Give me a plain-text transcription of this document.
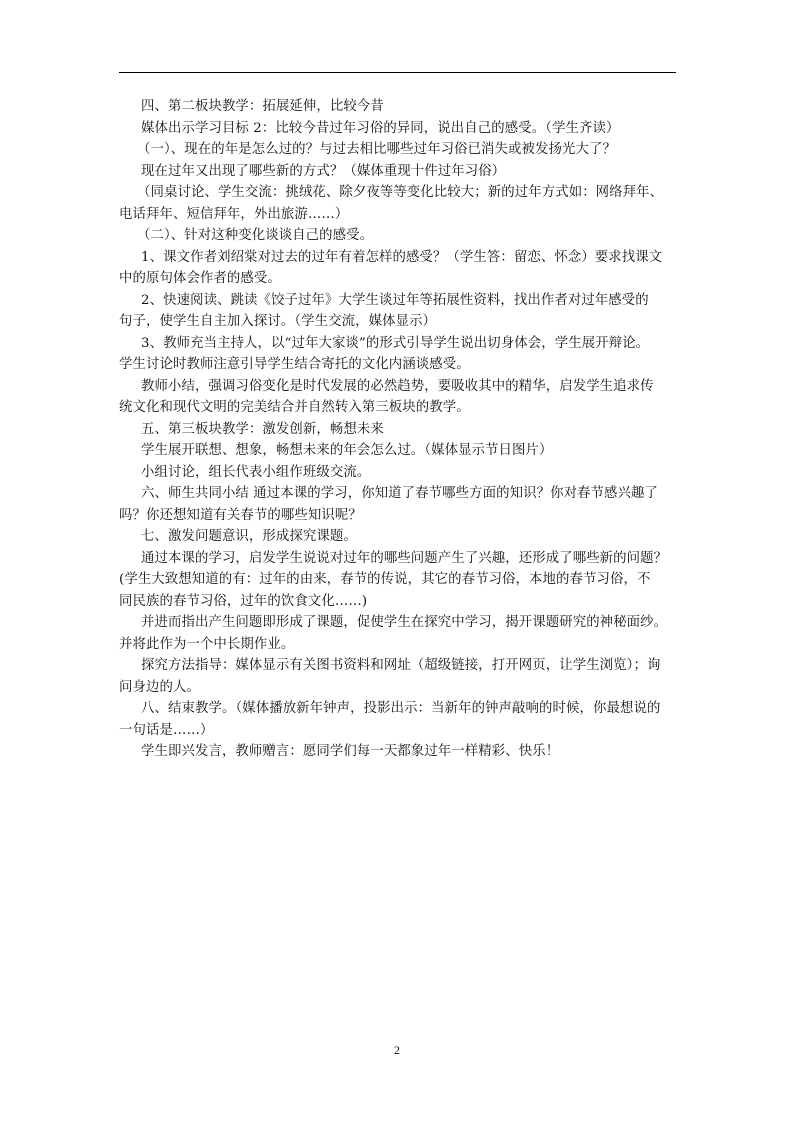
四、第二板块教学：拓展延伸，比较今昔

媒体出示学习目标 2：比较今昔过年习俗的异同，说出自己的感受。（学生齐读）

（一）、现在的年是怎么过的？与过去相比哪些过年习俗已消失或被发扬光大了？

现在过年又出现了哪些新的方式？（媒体重现十件过年习俗）

（同桌讨论、学生交流：挑绒花、除夕夜等等变化比较大；新的过年方式如：网络拜年、

电话拜年、短信拜年，外出旅游……）

（二）、针对这种变化谈谈自己的感受。

1、课文作者刘绍棠对过去的过年有着怎样的感受？（学生答：留恋、怀念）要求找课文

中的原句体会作者的感受。

2、快速阅读、跳读《饺子过年》大学生谈过年等拓展性资料，找出作者对过年感受的

句子，使学生自主加入探讨。（学生交流，媒体显示）

3、教师充当主持人，以“过年大家谈”的形式引导学生说出切身体会，学生展开辩论。

学生讨论时教师注意引导学生结合寄托的文化内涵谈感受。

教师小结，强调习俗变化是时代发展的必然趋势，要吸收其中的精华，启发学生追求传

统文化和现代文明的完美结合并自然转入第三板块的教学。

五、第三板块教学：激发创新，畅想未来

学生展开联想、想象，畅想未来的年会怎么过。（媒体显示节日图片）

小组讨论，组长代表小组作班级交流。

六、师生共同小结 通过本课的学习，你知道了春节哪些方面的知识？你对春节感兴趣了

吗？你还想知道有关春节的哪些知识呢？

七、激发问题意识，形成探究课题。

通过本课的学习，启发学生说说对过年的哪些问题产生了兴趣，还形成了哪些新的问题？

(学生大致想知道的有：过年的由来，春节的传说，其它的春节习俗，本地的春节习俗，不

同民族的春节习俗，过年的饮食文化……)

并进而指出产生问题即形成了课题，促使学生在探究中学习，揭开课题研究的神秘面纱。

并将此作为一个中长期作业。

探究方法指导：媒体显示有关图书资料和网址（超级链接，打开网页，让学生浏览）；询

问身边的人。

八、结束教学。（媒体播放新年钟声，投影出示：当新年的钟声敲响的时候，你最想说的

一句话是……）

学生即兴发言，教师赠言：愿同学们每一天都象过年一样精彩、快乐！

2
